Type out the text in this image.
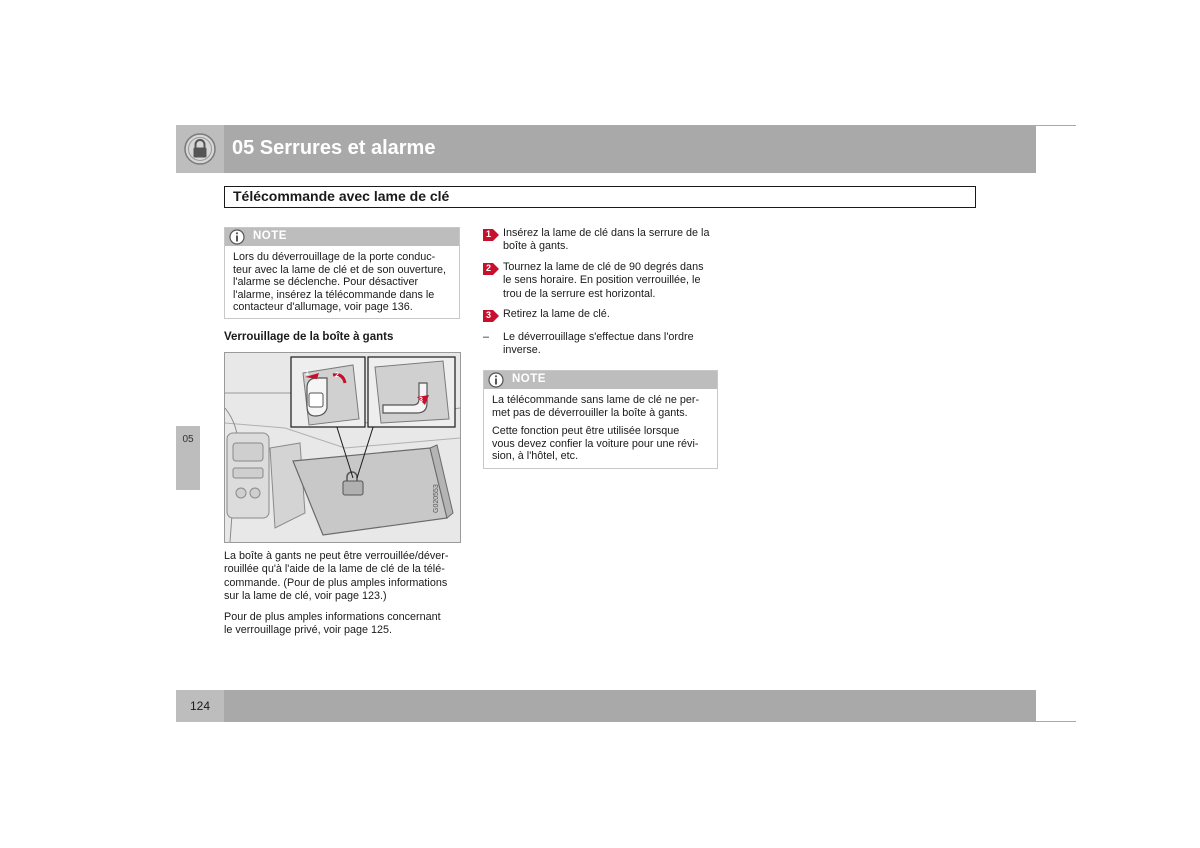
05 Serrures et alarme
Télécommande avec lame de clé
NOTE
Lors du déverrouillage de la porte conduc-
teur avec la lame de clé et de son ouverture,
l'alarme se déclenche. Pour désactiver
l'alarme, insérez la télécommande dans le
contacteur d'allumage, voir page 136.
Verrouillage de la boîte à gants
G020553
1	2
3
La boîte à gants ne peut être verrouillée/déver-
rouillée qu'à l'aide de la lame de clé de la télé-
commande. (Pour de plus amples informations
sur la lame de clé, voir page 123.)
Pour de plus amples informations concernant
le verrouillage privé, voir page 125.
1 Insérez la lame de clé dans la serrure de la
boîte à gants.
2 Tournez la lame de clé de 90 degrés dans
le sens horaire. En position verrouillée, le
trou de la serrure est horizontal.
3 Retirez la lame de clé.
– Le déverrouillage s'effectue dans l'ordre
inverse.
NOTE
La télécommande sans lame de clé ne per-
met pas de déverrouiller la boîte à gants.
Cette fonction peut être utilisée lorsque
vous devez confier la voiture pour une révi-
sion, à l'hôtel, etc.
05
124
